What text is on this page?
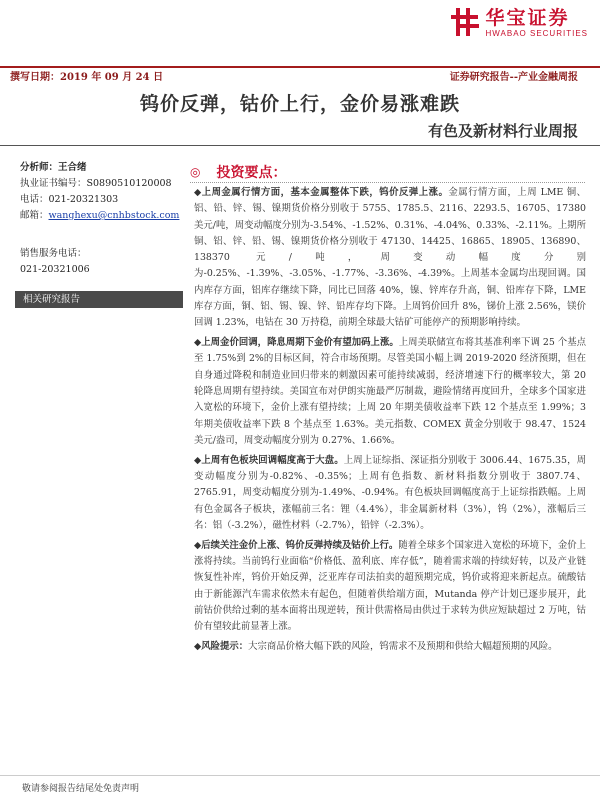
华宝证券
HWABAO SECURITIES
撰写日期：2019 年 09 月 24 日	证券研究报告--产业金融周报
钨价反弹，钴价上行，金价易涨难跌
有色及新材料行业周报
分析师：王合绪
执业证书编号：S0890510120008
电话：021-20321303
邮箱：wanghexu@cnhbstock.com
销售服务电话：
021-20321006
相关研究报告
◎ 投资要点：

◆上周金属行情方面，基本金属整体下跌，钨价反弹上涨。金属行情方面，上周 LME 铜、铝、铅、锌、锡、镍期货价格分别收于 5755、1785.5、2116、2293.5、16705、17380 美元/吨，周变动幅度分别为-3.54%、-1.52%、0.31%、-4.04%、0.33%、-2.11%。上期所铜、铝、锌、铅、锡、镍期货价格分别收于 47130、14425、16865、18905、136890、138370 元/吨，周变动幅度分别为-0.25%、-1.39%、-3.05%、-1.77%、-3.36%、-4.39%。上周基本金属均出现回调。国内库存方面，铝库存继续下降，同比已回落 40%，镍、锌库存升高，铜、铅库存下降，LME 库存方面，铜、铝、锡、镍、锌、铅库存均下降。上周钨价回升 8%，锑价上涨 2.56%，镁价回调 1.23%，电钴在 30 万持稳，前期全球最大钴矿可能停产的预期影响持续。

◆上周金价回调，降息周期下金价有望加码上涨。上周美联储宣布将其基准利率下调 25 个基点至 1.75%到 2%的目标区间，符合市场预期。尽管美国小幅上调 2019-2020 经济预期，但在自身通过降税和制造业回归带来的刺激因素可能持续减弱，经济增速下行的概率较大，第 20 轮降息周期有望持续。美国宣布对伊朗实施最严厉制裁，避险情绪再度回升，全球多个国家进入宽松的环境下，金价上涨有望持续；上周 20 年期美债收益率下跌 12 个基点至 1.99%；3 年期美债收益率下跌 8 个基点至 1.63%。美元指数、COMEX 黄金分别收于 98.47、1524 美元/盎司，周变动幅度分别为 0.27%、1.66%。

◆上周有色板块回调幅度高于大盘。上周上证综指、深证指分别收于 3006.44、1675.35，周变动幅度分别为-0.82%、-0.35%；上周有色指数、新材料指数分别收于 3807.74、2765.91，周变动幅度分别为-1.49%、-0.94%。有色板块回调幅度高于上证综指跌幅。上周有色金属各子板块，涨幅前三名：锂（4.4%），非金属新材料（3%），钨（2%），涨幅后三名：铝（-3.2%），磁性材料（-2.7%），铅锌（-2.3%）。

◆后续关注金价上涨、钨价反弹持续及钴价上行。随着全球多个国家进入宽松的环境下，金价上涨将持续。当前钨行业面临“价格低、盈利底、库存低”，随着需求端的持续好转，以及产业链恢复性补库，钨价开始反弹，泛亚库存司法拍卖的超预期完成，钨价或将迎来新起点。硫酸钴由于新能源汽车需求依然未有起色，但随着供给端方面，Mutanda 停产计划已逐步展开，此前钴价供给过剩的基本面将出现逆转，预计供需格局由供过于求转为供应短缺超过 2 万吨，钴价有望较此前显著上涨。

◆风险提示：大宗商品价格大幅下跌的风险，钨需求不及预期和供给大幅超预期的风险。

敬请参阅报告结尾处免责声明
